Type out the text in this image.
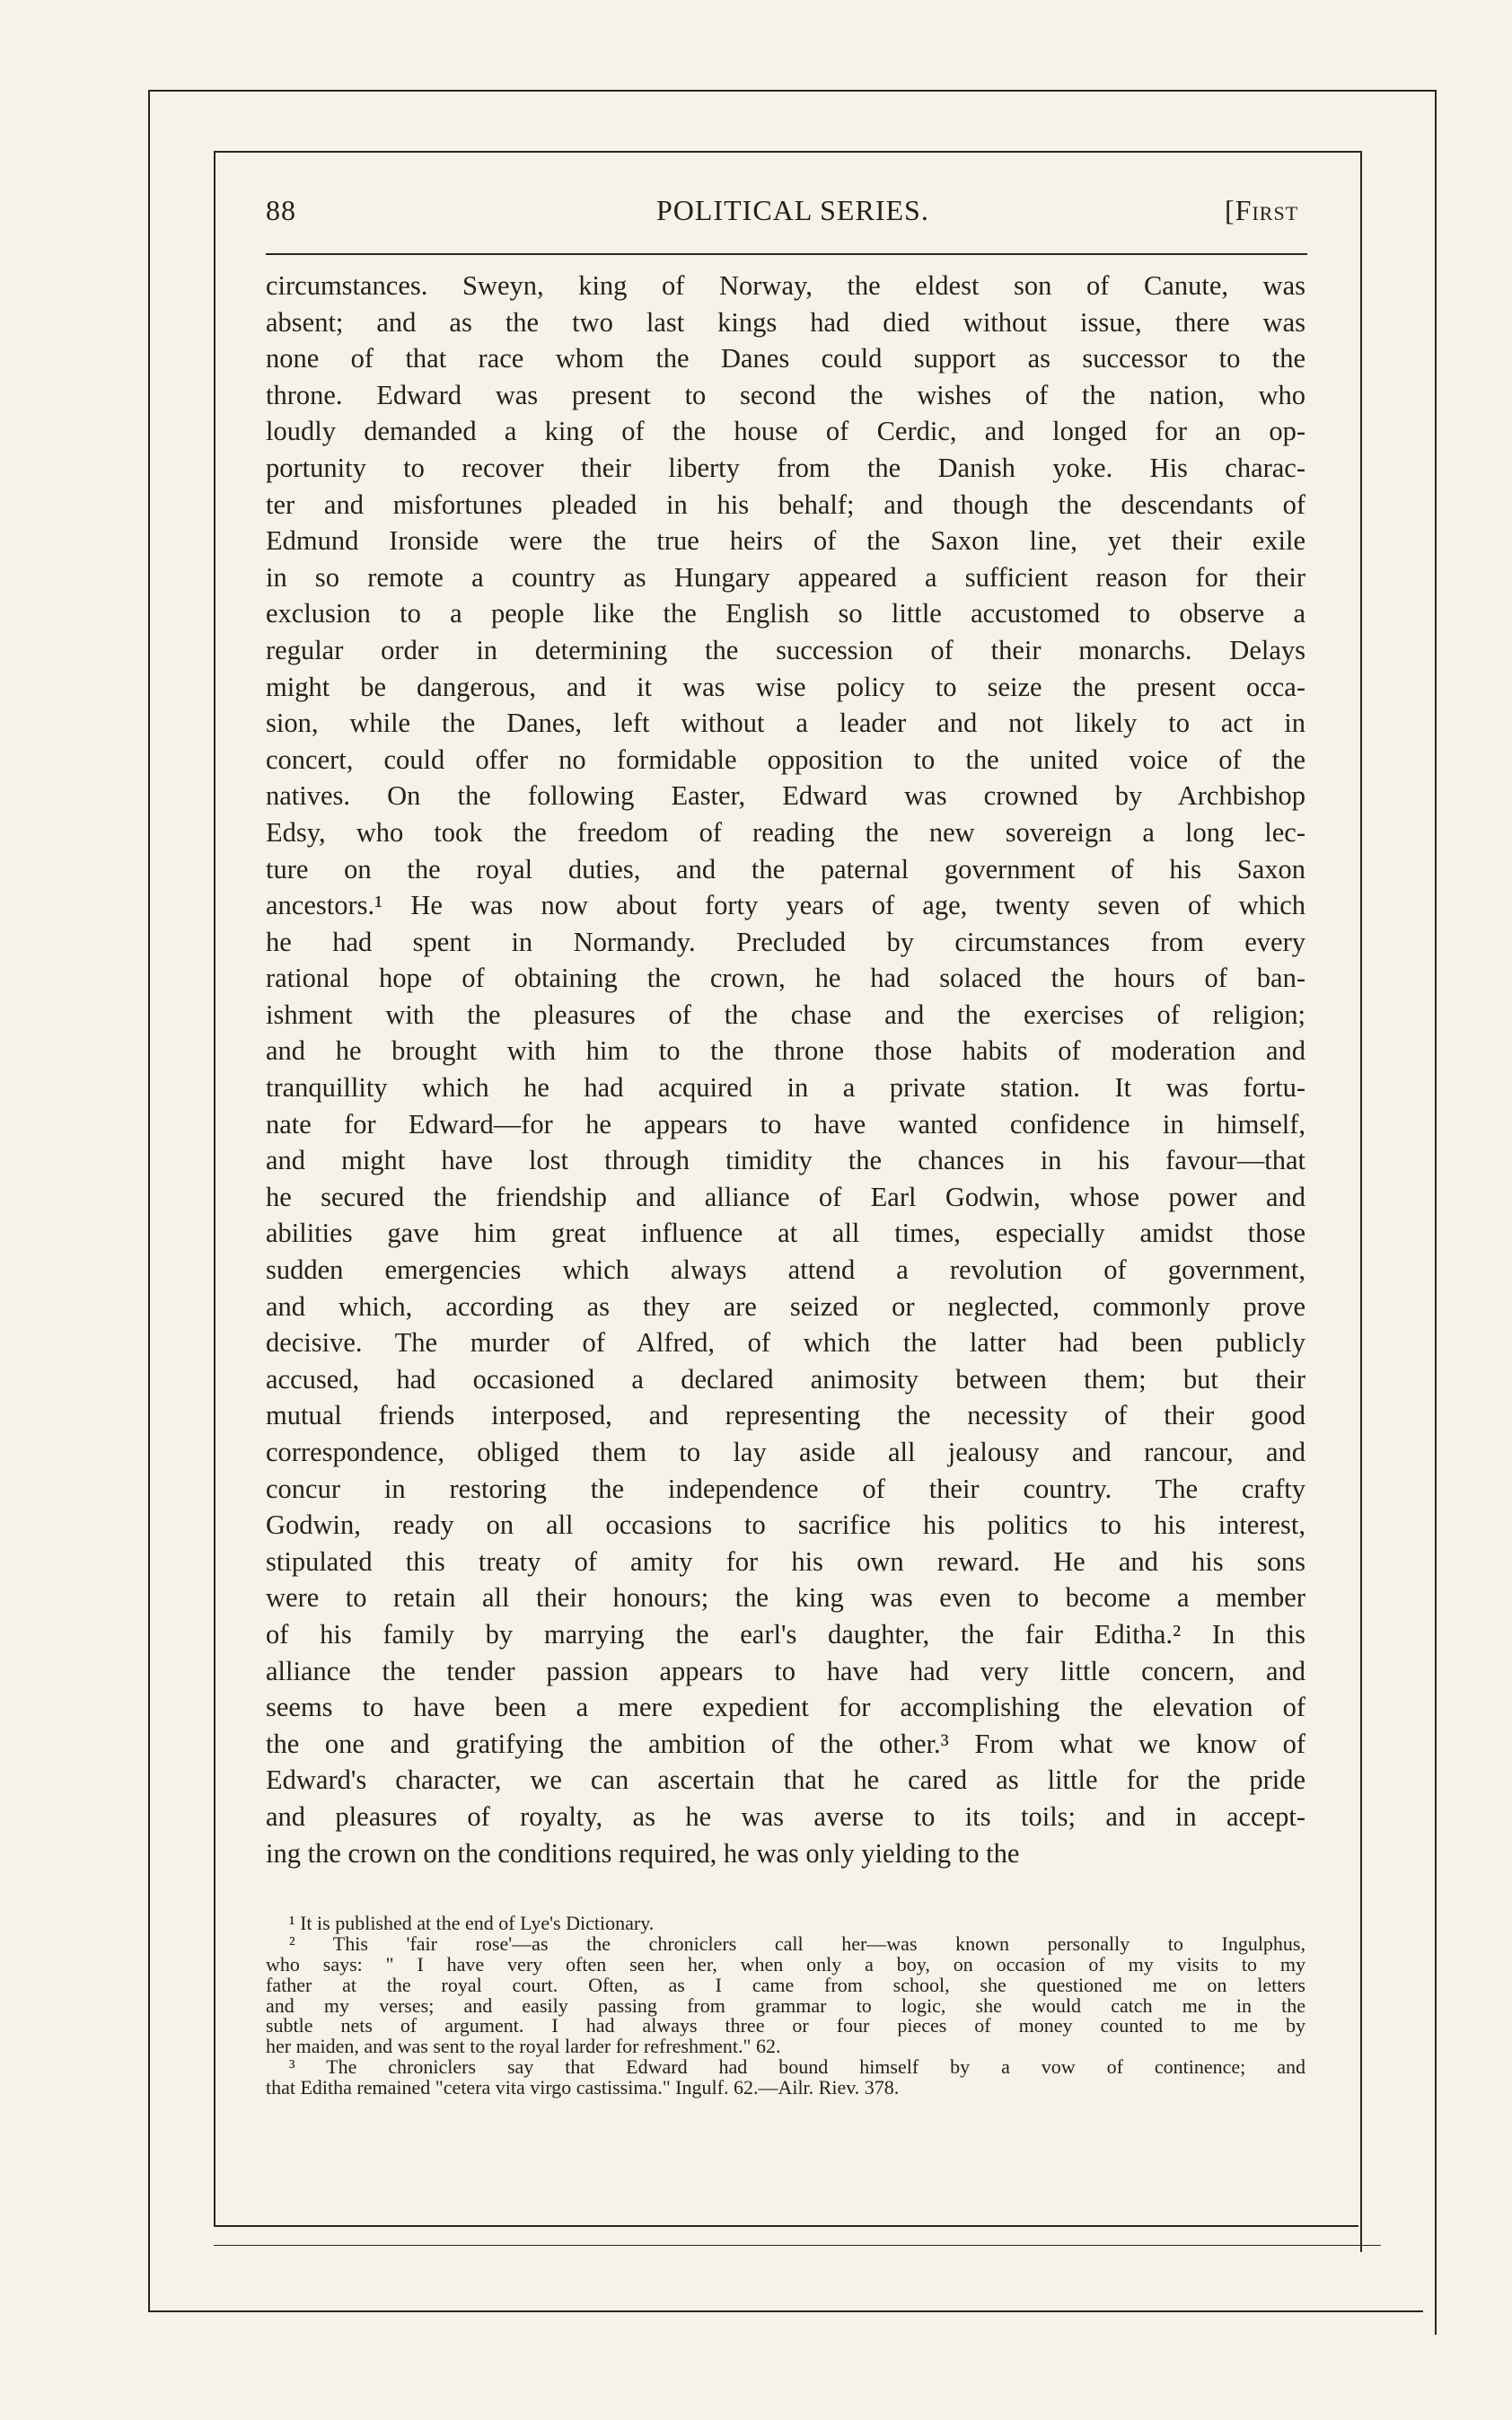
88	POLITICAL SERIES.	[First
circumstances. Sweyn, king of Norway, the eldest son of Canute, was
absent; and as the two last kings had died without issue, there was
none of that race whom the Danes could support as successor to the
throne. Edward was present to second the wishes of the nation, who
loudly demanded a king of the house of Cerdic, and longed for an op-
portunity to recover their liberty from the Danish yoke. His charac-
ter and misfortunes pleaded in his behalf; and though the descendants of
Edmund Ironside were the true heirs of the Saxon line, yet their exile
in so remote a country as Hungary appeared a sufficient reason for their
exclusion to a people like the English so little accustomed to observe a
regular order in determining the succession of their monarchs. Delays
might be dangerous, and it was wise policy to seize the present occa-
sion, while the Danes, left without a leader and not likely to act in
concert, could offer no formidable opposition to the united voice of the
natives. On the following Easter, Edward was crowned by Archbishop
Edsy, who took the freedom of reading the new sovereign a long lec-
ture on the royal duties, and the paternal government of his Saxon
ancestors.¹ He was now about forty years of age, twenty seven of which
he had spent in Normandy. Precluded by circumstances from every
rational hope of obtaining the crown, he had solaced the hours of ban-
ishment with the pleasures of the chase and the exercises of religion;
and he brought with him to the throne those habits of moderation and
tranquillity which he had acquired in a private station. It was fortu-
nate for Edward—for he appears to have wanted confidence in himself,
and might have lost through timidity the chances in his favour—that
he secured the friendship and alliance of Earl Godwin, whose power and
abilities gave him great influence at all times, especially amidst those
sudden emergencies which always attend a revolution of government,
and which, according as they are seized or neglected, commonly prove
decisive. The murder of Alfred, of which the latter had been publicly
accused, had occasioned a declared animosity between them; but their
mutual friends interposed, and representing the necessity of their good
correspondence, obliged them to lay aside all jealousy and rancour, and
concur in restoring the independence of their country. The crafty
Godwin, ready on all occasions to sacrifice his politics to his interest,
stipulated this treaty of amity for his own reward. He and his sons
were to retain all their honours; the king was even to become a member
of his family by marrying the earl's daughter, the fair Editha.² In this
alliance the tender passion appears to have had very little concern, and
seems to have been a mere expedient for accomplishing the elevation of
the one and gratifying the ambition of the other.³ From what we know of
Edward's character, we can ascertain that he cared as little for the pride
and pleasures of royalty, as he was averse to its toils; and in accept-
ing the crown on the conditions required, he was only yielding to the
¹ It is published at the end of Lye's Dictionary.
² This 'fair rose'—as the chroniclers call her—was known personally to Ingulphus,
who says: " I have very often seen her, when only a boy, on occasion of my visits to my
father at the royal court. Often, as I came from school, she questioned me on letters
and my verses; and easily passing from grammar to logic, she would catch me in the
subtle nets of argument. I had always three or four pieces of money counted to me by
her maiden, and was sent to the royal larder for refreshment." 62.
³ The chroniclers say that Edward had bound himself by a vow of continence; and
that Editha remained "cetera vita virgo castissima." Ingulf. 62.—Ailr. Riev. 378.
